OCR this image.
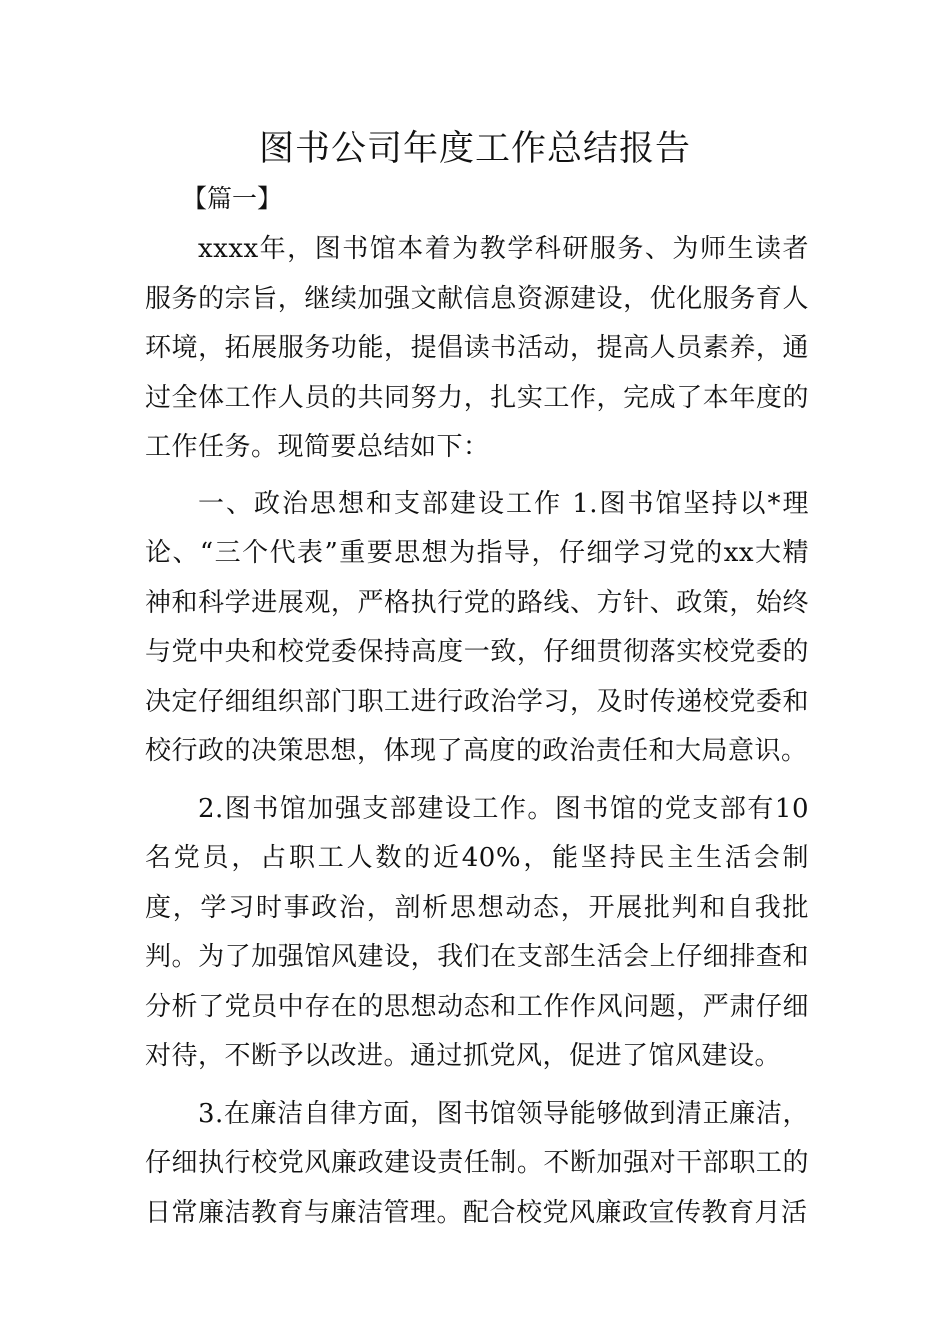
图书公司年度工作总结报告

【篇一】

xxxx年，图书馆本着为教学科研服务、为师生读者服务的宗旨，继续加强文献信息资源建设，优化服务育人环境，拓展服务功能，提倡读书活动，提高人员素养，通过全体工作人员的共同努力，扎实工作，完成了本年度的工作任务。现简要总结如下：

一、政治思想和支部建设工作 1.图书馆坚持以*理论、“三个代表”重要思想为指导，仔细学习党的xx大精神和科学进展观，严格执行党的路线、方针、政策，始终与党中央和校党委保持高度一致，仔细贯彻落实校党委的决定仔细组织部门职工进行政治学习，及时传递校党委和校行政的决策思想，体现了高度的政治责任和大局意识。

2.图书馆加强支部建设工作。图书馆的党支部有10名党员，占职工人数的近40%，能坚持民主生活会制度，学习时事政治，剖析思想动态，开展批判和自我批判。为了加强馆风建设，我们在支部生活会上仔细排查和分析了党员中存在的思想动态和工作作风问题，严肃仔细对待，不断予以改进。通过抓党风，促进了馆风建设。

3.在廉洁自律方面，图书馆领导能够做到清正廉洁，仔细执行校党风廉政建设责任制。不断加强对干部职工的日常廉洁教育与廉洁管理。配合校党风廉政宣传教育月活
